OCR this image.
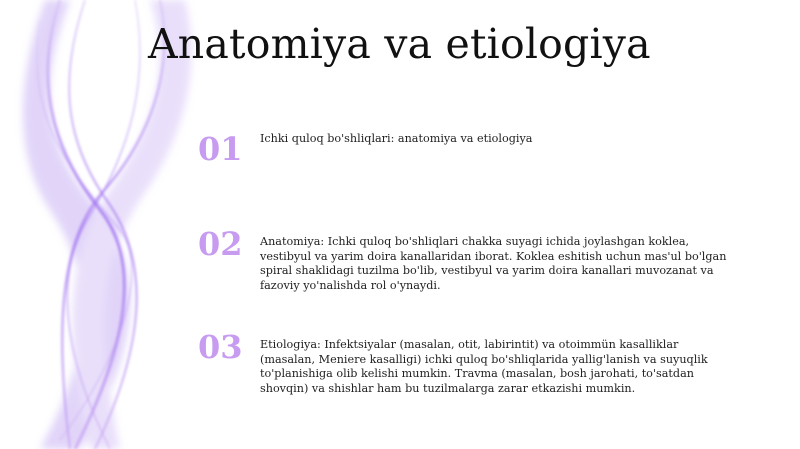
Anatomiya va etiologiya
01	Ichki quloq bo'shliqlari: anatomiya va etiologiya
02	Anatomiya: Ichki quloq bo'shliqlari chakka suyagi ichida joylashgan koklea, vestibyul va yarim doira kanallaridan iborat. Koklea eshitish uchun mas'ul bo'lgan spiral shaklidagi tuzilma bo'lib, vestibyul va yarim doira kanallari muvozanat va fazoviy yo'nalishda rol o'ynaydi.
03	Etiologiya: Infektsiyalar (masalan, otit, labirintit) va otoimmün kasalliklar (masalan, Meniere kasalligi) ichki quloq bo'shliqlarida yallig'lanish va suyuqlik to'planishiga olib kelishi mumkin. Travma (masalan, bosh jarohati, to'satdan shovqin) va shishlar ham bu tuzilmalarga zarar etkazishi mumkin.
